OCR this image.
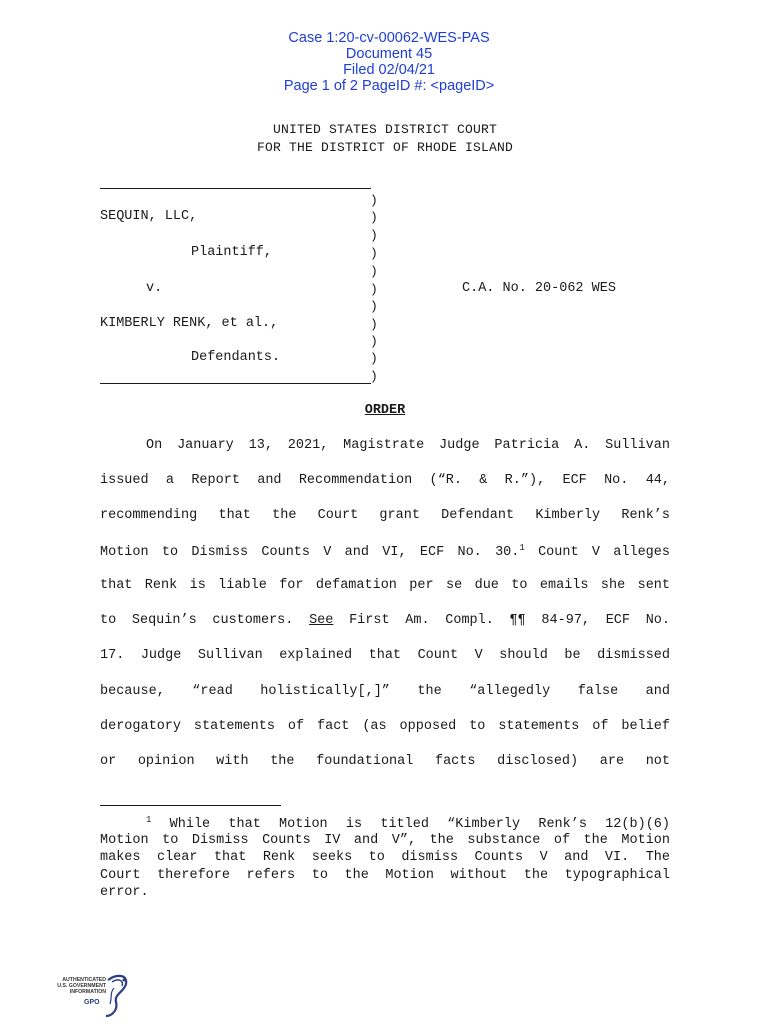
Case 1:20-cv-00062-WES-PAS
Document 45
Filed 02/04/21
Page 1 of 2 PageID #: <pageID>

UNITED STATES DISTRICT COURT
FOR THE DISTRICT OF RHODE ISLAND
SEQUIN, LLC,
Plaintiff,
v.
KIMBERLY RENK, et al.,
Defendants.
C.A. No. 20-062 WES
)
)
)
)
)
)
)
)
)
)
)
ORDER
On January 13, 2021, Magistrate Judge Patricia A. Sullivan
issued a Report and Recommendation (“R. & R.”), ECF No. 44,
recommending that the Court grant Defendant Kimberly Renk’s
Motion to Dismiss Counts V and VI, ECF No. 30.$^1$ Count V alleges
that Renk is liable for defamation per se due to emails she sent
to Sequin’s customers. See First Am. Compl. ¶¶ 84-97, ECF No.
17. Judge Sullivan explained that Count V should be dismissed
because, “read holistically[,]” the “allegedly false and
derogatory statements of fact (as opposed to statements of belief
or opinion with the foundational facts disclosed) are not
$^1$ While that Motion is titled “Kimberly Renk’s 12(b)(6)
Motion to Dismiss Counts IV and V”, the substance of the Motion
makes clear that Renk seeks to dismiss Counts V and VI. The
Court therefore refers to the Motion without the typographical
error.
AUTHENTICATED
U.S. GOVERNMENT
INFORMATION
GPO
